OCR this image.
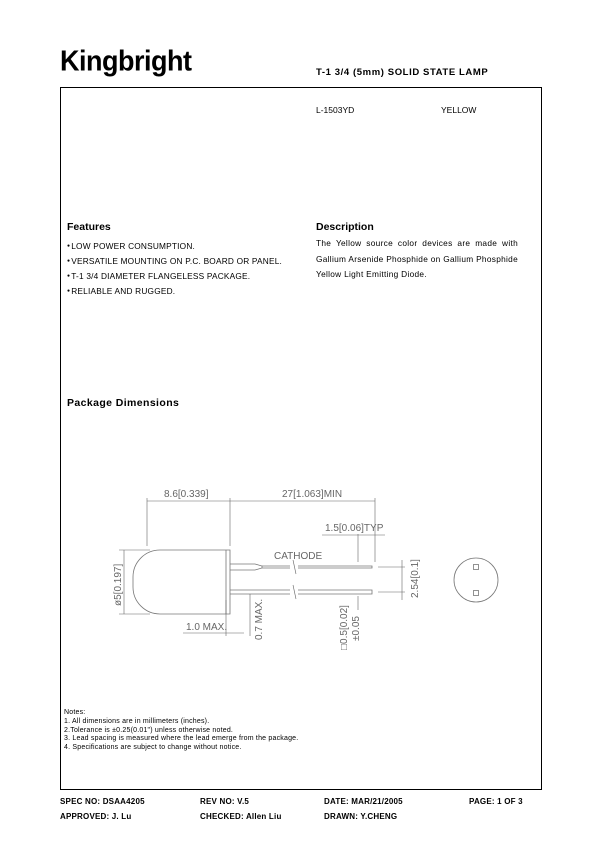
Kingbright	T-1 3/4 (5mm) SOLID STATE LAMP
L-1503YD	YELLOW
Features
● LOW POWER CONSUMPTION.
● VERSATILE MOUNTING ON P.C. BOARD OR PANEL.
● T-1 3/4 DIAMETER FLANGELESS PACKAGE.
● RELIABLE AND RUGGED.
Description
The Yellow source color devices are made with Gallium Arsenide Phosphide on Gallium Phosphide Yellow Light Emitting Diode.
Package Dimensions
8.6[0.339]	27[1.063]MIN
1.5[0.06]TYP
CATHODE
ø5[0.197]	2.54[0.1]
1.0 MAX.	0.7 MAX.	□0.5[0.02] ±0.05
Notes:
1. All dimensions are in millimeters (inches).
2.Tolerance is ±0.25(0.01") unless otherwise noted.
3. Lead spacing is measured where the lead emerge from the package.
4. Specifications are subject to change without notice.
SPEC NO: DSAA4205	REV NO: V.5	DATE: MAR/21/2005	PAGE: 1 OF 3
APPROVED: J. Lu	CHECKED: Allen Liu	DRAWN: Y.CHENG
